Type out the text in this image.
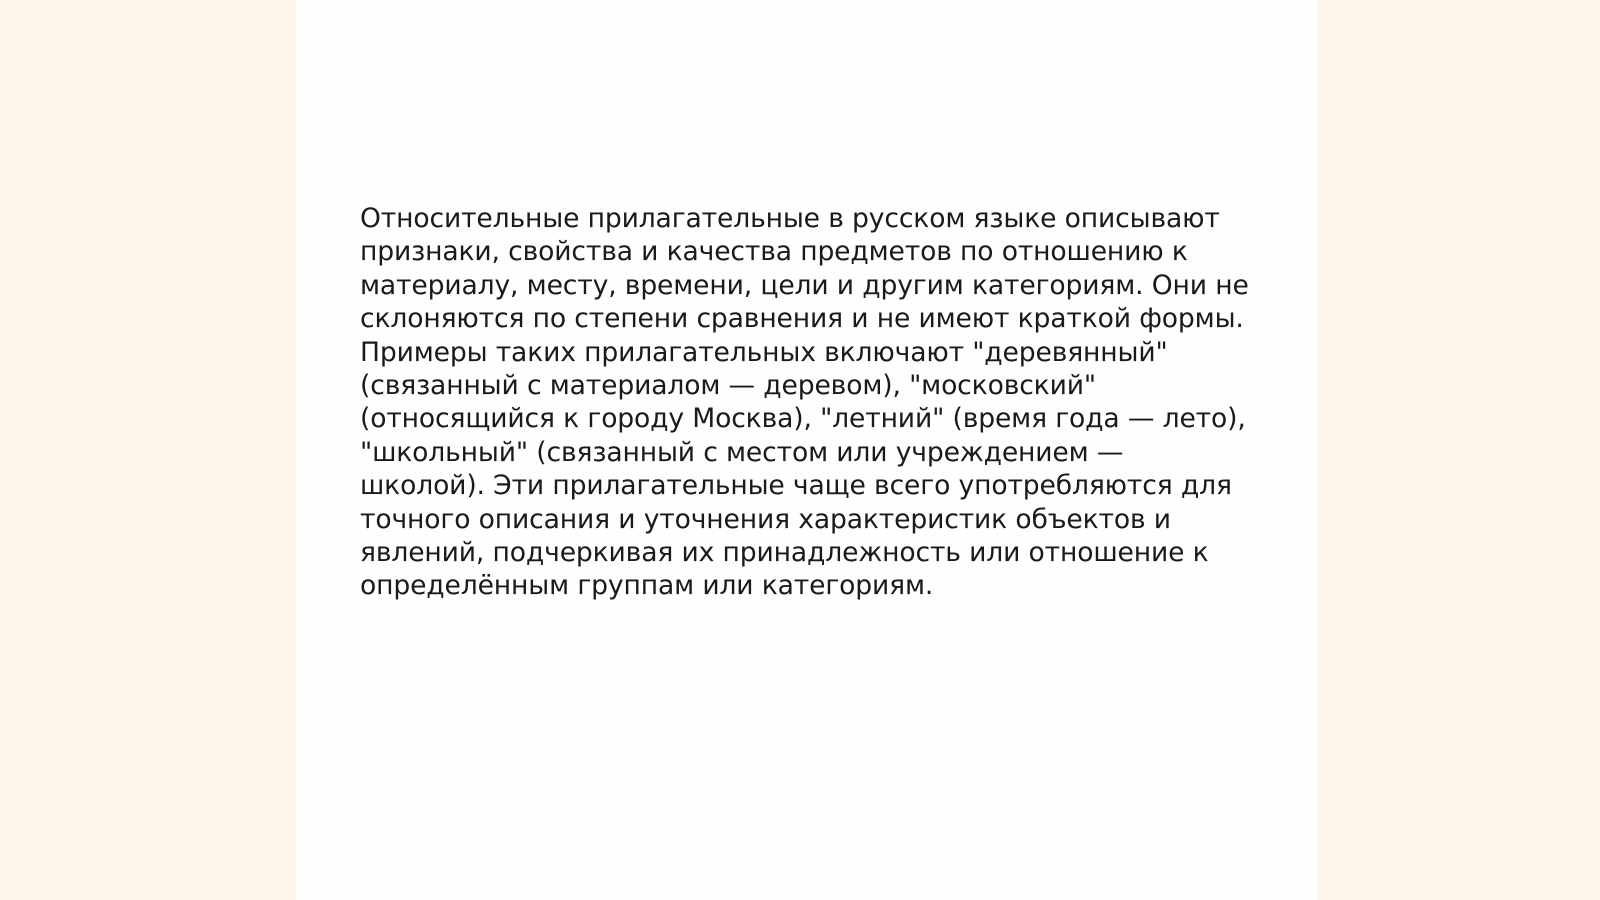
Относительные прилагательные в русском языке описывают
признаки, свойства и качества предметов по отношению к
материалу, месту, времени, цели и другим категориям. Они не
склоняются по степени сравнения и не имеют краткой формы.
Примеры таких прилагательных включают "деревянный"
(связанный с материалом — деревом), "московский"
(относящийся к городу Москва), "летний" (время года — лето),
"школьный" (связанный с местом или учреждением —
школой). Эти прилагательные чаще всего употребляются для
точного описания и уточнения характеристик объектов и
явлений, подчеркивая их принадлежность или отношение к
определённым группам или категориям.
